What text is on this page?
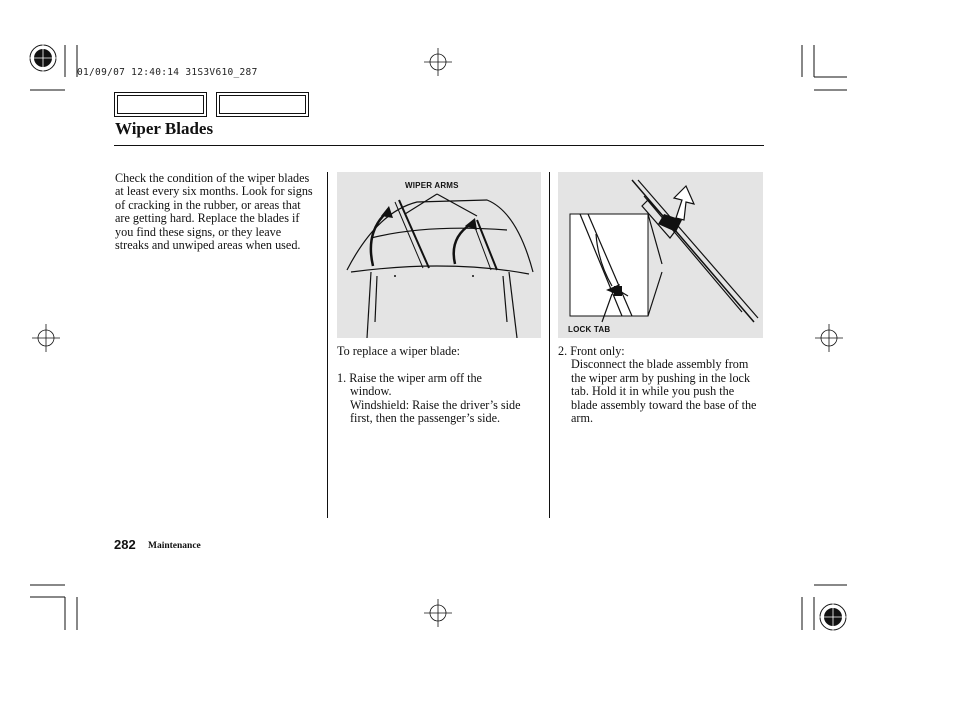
01/09/07 12:40:14 31S3V610_287
Wiper Blades
Check the condition of the wiper blades at least every six months. Look for signs of cracking in the rubber, or areas that are getting hard. Replace the blades if you find these signs, or they leave streaks and unwiped areas when used.
WIPER ARMS
To replace a wiper blade:
1. Raise the wiper arm off the
window.
Windshield: Raise the driver’s side first, then the passenger’s side.
LOCK TAB
2. Front only:
Disconnect the blade assembly from the wiper arm by pushing in the lock tab. Hold it in while you push the blade assembly toward the base of the arm.
282 Maintenance
